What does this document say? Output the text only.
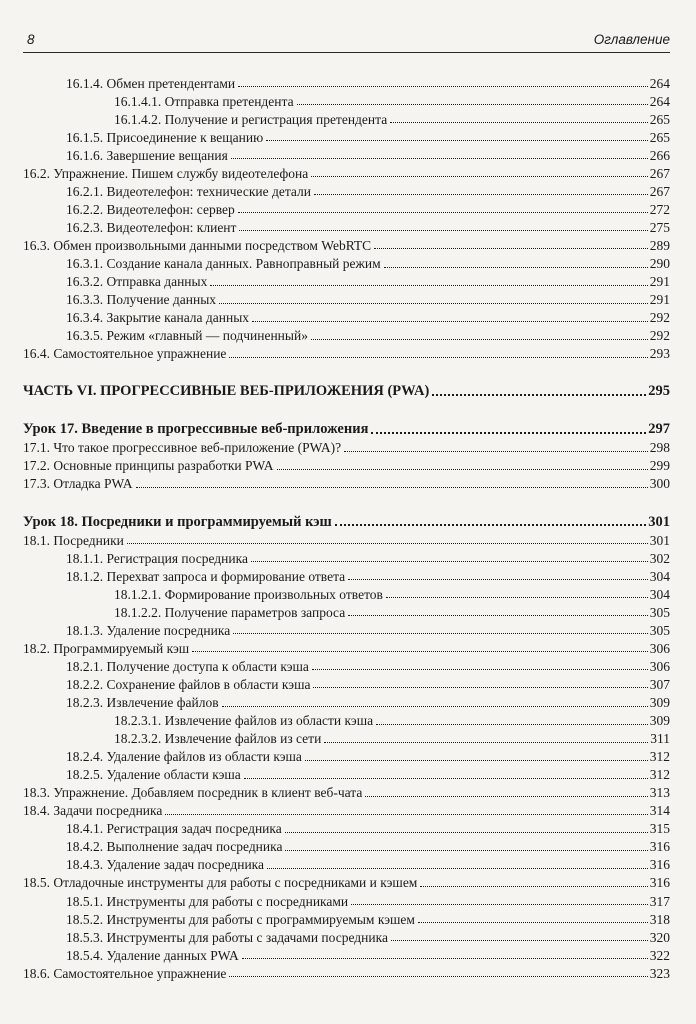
8	Оглавление
16.1.4. Обмен претендентами	264
16.1.4.1. Отправка претендента	264
16.1.4.2. Получение и регистрация претендента	265
16.1.5. Присоединение к вещанию	265
16.1.6. Завершение вещания	266
16.2. Упражнение. Пишем службу видеотелефона	267
16.2.1. Видеотелефон: технические детали	267
16.2.2. Видеотелефон: сервер	272
16.2.3. Видеотелефон: клиент	275
16.3. Обмен произвольными данными посредством WebRTC	289
16.3.1. Создание канала данных. Равноправный режим	290
16.3.2. Отправка данных	291
16.3.3. Получение данных	291
16.3.4. Закрытие канала данных	292
16.3.5. Режим «главный — подчиненный»	292
16.4. Самостоятельное упражнение	293
ЧАСТЬ VI. ПРОГРЕССИВНЫЕ ВЕБ-ПРИЛОЖЕНИЯ (PWA)	295
Урок 17. Введение в прогрессивные веб-приложения	297
17.1. Что такое прогрессивное веб-приложение (PWA)?	298
17.2. Основные принципы разработки PWA	299
17.3. Отладка PWA	300
Урок 18. Посредники и программируемый кэш	301
18.1. Посредники	301
18.1.1. Регистрация посредника	302
18.1.2. Перехват запроса и формирование ответа	304
18.1.2.1. Формирование произвольных ответов	304
18.1.2.2. Получение параметров запроса	305
18.1.3. Удаление посредника	305
18.2. Программируемый кэш	306
18.2.1. Получение доступа к области кэша	306
18.2.2. Сохранение файлов в области кэша	307
18.2.3. Извлечение файлов	309
18.2.3.1. Извлечение файлов из области кэша	309
18.2.3.2. Извлечение файлов из сети	311
18.2.4. Удаление файлов из области кэша	312
18.2.5. Удаление области кэша	312
18.3. Упражнение. Добавляем посредник в клиент веб-чата	313
18.4. Задачи посредника	314
18.4.1. Регистрация задач посредника	315
18.4.2. Выполнение задач посредника	316
18.4.3. Удаление задач посредника	316
18.5. Отладочные инструменты для работы с посредниками и кэшем	316
18.5.1. Инструменты для работы с посредниками	317
18.5.2. Инструменты для работы с программируемым кэшем	318
18.5.3. Инструменты для работы с задачами посредника	320
18.5.4. Удаление данных PWA	322
18.6. Самостоятельное упражнение	323
